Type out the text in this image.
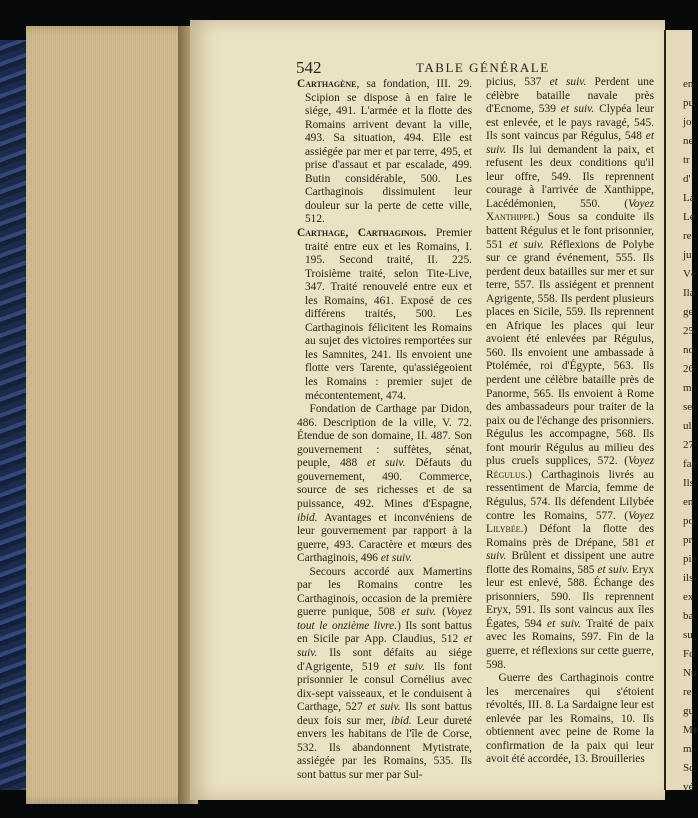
542	TABLE GÉNÉRALE

Carthagène, sa fondation, III. 29. Scipion se dispose à en faire le siége, 491. L'armée et la flotte des Romains arrivent devant la ville, 493. Sa situation, 494. Elle est assiégée par mer et par terre, 495, et prise d'assaut et par escalade, 499. Butin considérable, 500. Les Carthaginois dissimulent leur douleur sur la perte de cette ville, 512.

Carthage, Carthaginois. Premier traité entre eux et les Romains, I. 195. Second traité, II. 225. Troisième traité, selon Tite-Live, 347. Traité renouvelé entre eux et les Romains, 461. Exposé de ces différens traités, 500. Les Carthaginois félicitent les Romains au sujet des victoires remportées sur les Samnites, 241. Ils envoient une flotte vers Tarente, qu'assiégeoient les Romains : premier sujet de mécontentement, 474.

Fondation de Carthage par Didon, 486. Description de la ville, V. 72. Étendue de son domaine, II. 487. Son gouvernement : suffètes, sénat, peuple, 488 et suiv. Défauts du gouvernement, 490. Commerce, source de ses richesses et de sa puissance, 492. Mines d'Espagne, ibid. Avantages et inconvéniens de leur gouvernement par rapport à la guerre, 493. Caractère et mœurs des Carthaginois, 496 et suiv.

Secours accordé aux Mamertins par les Romains contre les Carthaginois, occasion de la première guerre punique, 508 et suiv. (Voyez tout le onzième livre.) Ils sont battus en Sicile par App. Claudius, 512 et suiv. Ils sont défaits au siége d'Agrigente, 519 et suiv. Ils font prisonnier le consul Cornélius avec dix-sept vaisseaux, et le conduisent à Carthage, 527 et suiv. Ils sont battus deux fois sur mer, ibid. Leur dureté envers les habitans de l'île de Corse, 532. Ils abandonnent Mytistrate, assiégée par les Romains, 535. Ils sont battus sur mer par Sul-

picius, 537 et suiv. Perdent une célèbre bataille navale près d'Ecnome, 539 et suiv. Clypéa leur est enlevée, et le pays ravagé, 545. Ils sont vaincus par Régulus, 548 et suiv. Ils lui demandent la paix, et refusent les deux conditions qu'il leur offre, 549. Ils reprennent courage à l'arrivée de Xanthippe, Lacédémonien, 550. (Voyez Xanthippe.) Sous sa conduite ils battent Régulus et le font prisonnier, 551 et suiv. Réflexions de Polybe sur ce grand événement, 555. Ils perdent deux batailles sur mer et sur terre, 557. Ils assiégent et prennent Agrigente, 558. Ils perdent plusieurs places en Sicile, 559. Ils reprennent en Afrique les places qui leur avoient été enlevées par Régulus, 560. Ils envoient une ambassade à Ptolémée, roi d'Égypte, 563. Ils perdent une célèbre bataille près de Panorme, 565. Ils envoient à Rome des ambassadeurs pour traiter de la paix ou de l'échange des prisonniers. Régulus les accompagne, 568. Ils font mourir Régulus au milieu des plus cruels supplices, 572. (Voyez Régulus.) Carthaginois livrés au ressentiment de Marcia, femme de Régulus, 574. Ils défendent Lilybée contre les Romains, 577. (Voyez Lilybée.) Défont la flotte des Romains près de Drépane, 581 et suiv. Brûlent et dissipent une autre flotte des Romains, 585 et suiv. Eryx leur est enlevé, 588. Échange des prisonniers, 590. Ils reprennent Eryx, 591. Ils sont vaincus aux îles Égates, 594 et suiv. Traité de paix avec les Romains, 597. Fin de la guerre, et réflexions sur cette guerre, 598.

Guerre des Carthaginois contre les mercenaires qui s'étoient révoltés, III. 8. La Sardaigne leur est enlevée par les Romains, 10. Ils obtiennent avec peine de Rome la confirmation de la paix qui leur avoit été accordée, 13. Brouilleries

en
pu
jo
ne
tr
d'
La
Le
re
ju
Vé
Ila
ge
25
no
26
m
sei
ul
27
fav
Ils
en
po
pr
pie
ils
ex
ba
su
Fo
Nu
re
gu
Me
m
Sc
vé
